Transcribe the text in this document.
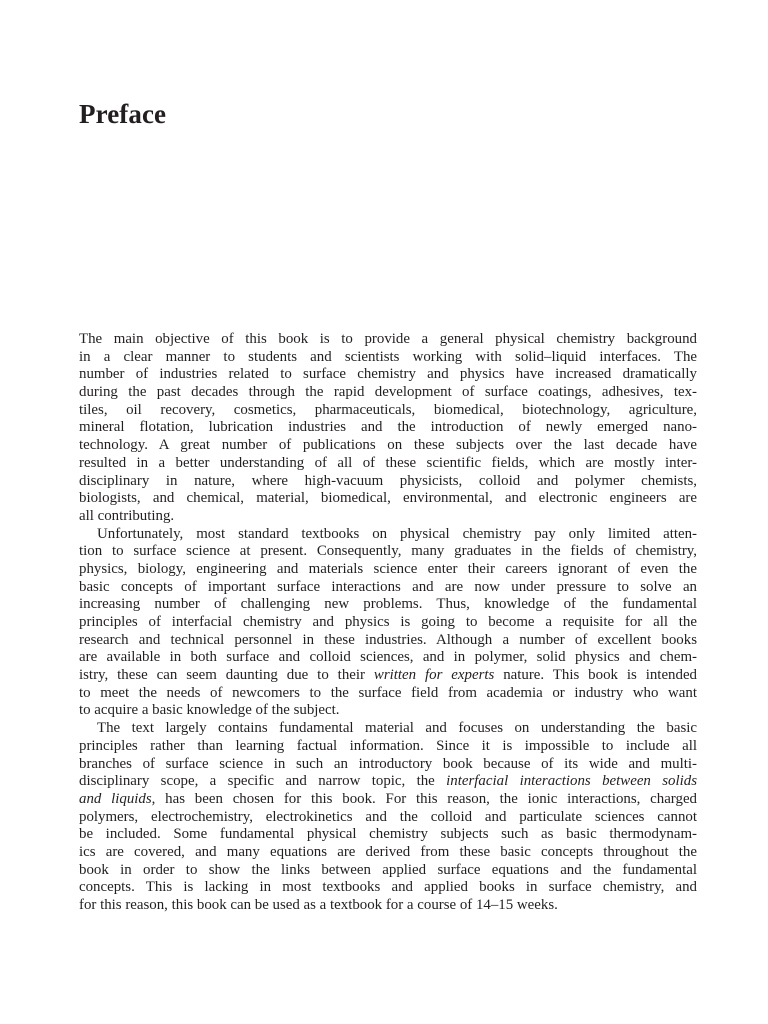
Preface
The main objective of this book is to provide a general physical chemistry background
in a clear manner to students and scientists working with solid–liquid interfaces. The
number of industries related to surface chemistry and physics have increased dramatically
during the past decades through the rapid development of surface coatings, adhesives, tex-
tiles, oil recovery, cosmetics, pharmaceuticals, biomedical, biotechnology, agriculture,
mineral flotation, lubrication industries and the introduction of newly emerged nano-
technology. A great number of publications on these subjects over the last decade have
resulted in a better understanding of all of these scientific fields, which are mostly inter-
disciplinary in nature, where high-vacuum physicists, colloid and polymer chemists,
biologists, and chemical, material, biomedical, environmental, and electronic engineers are
all contributing.
Unfortunately, most standard textbooks on physical chemistry pay only limited atten-
tion to surface science at present. Consequently, many graduates in the fields of chemistry,
physics, biology, engineering and materials science enter their careers ignorant of even the
basic concepts of important surface interactions and are now under pressure to solve an
increasing number of challenging new problems. Thus, knowledge of the fundamental
principles of interfacial chemistry and physics is going to become a requisite for all the
research and technical personnel in these industries. Although a number of excellent books
are available in both surface and colloid sciences, and in polymer, solid physics and chem-
istry, these can seem daunting due to their written for experts nature. This book is intended
to meet the needs of newcomers to the surface field from academia or industry who want
to acquire a basic knowledge of the subject.
The text largely contains fundamental material and focuses on understanding the basic
principles rather than learning factual information. Since it is impossible to include all
branches of surface science in such an introductory book because of its wide and multi-
disciplinary scope, a specific and narrow topic, the interfacial interactions between solids
and liquids, has been chosen for this book. For this reason, the ionic interactions, charged
polymers, electrochemistry, electrokinetics and the colloid and particulate sciences cannot
be included. Some fundamental physical chemistry subjects such as basic thermodynam-
ics are covered, and many equations are derived from these basic concepts throughout the
book in order to show the links between applied surface equations and the fundamental
concepts. This is lacking in most textbooks and applied books in surface chemistry, and
for this reason, this book can be used as a textbook for a course of 14–15 weeks.
